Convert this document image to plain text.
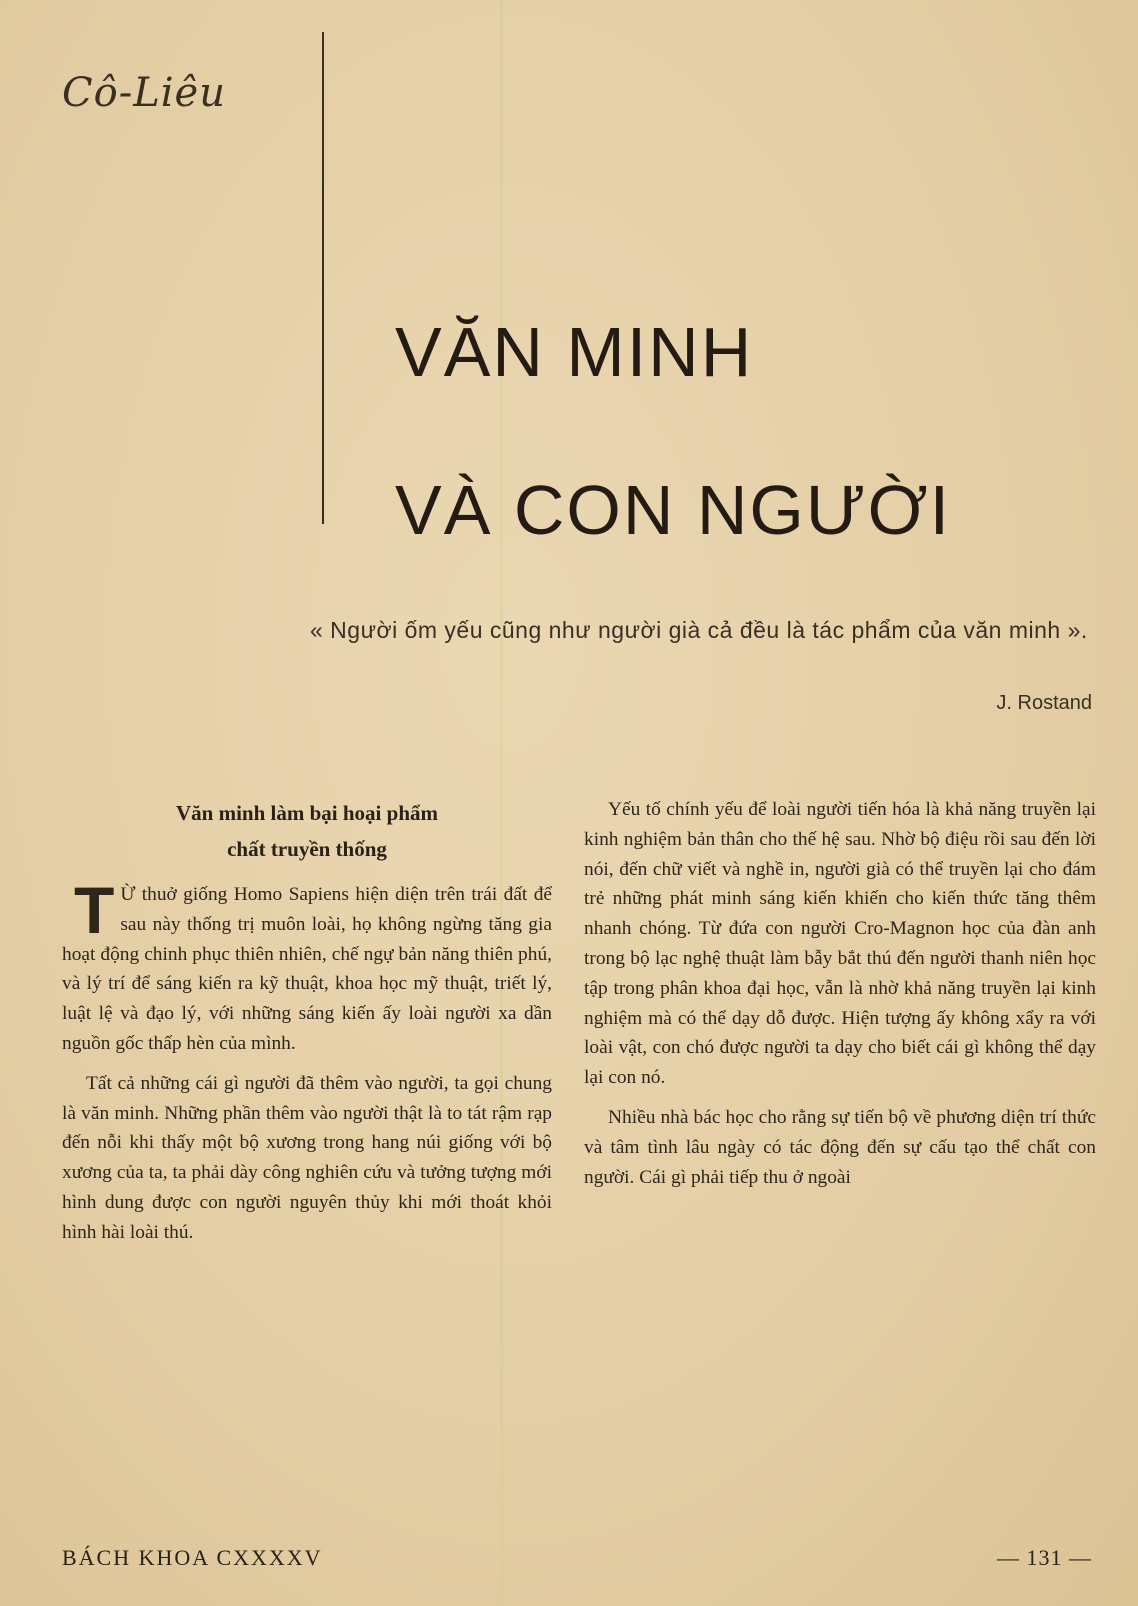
Cô-Liêu
VĂN MINH
VÀ CON NGƯỜI
« Người ốm yếu cũng như người già cả đều là tác phẩm của văn minh ».
J. Rostand
Văn minh làm bại hoại phẩm
chất truyền thống

T Ừ thuở giống Homo Sapiens hiện diện trên trái đất để sau này thống trị muôn loài, họ không ngừng tăng gia hoạt động chinh phục thiên nhiên, chế ngự bản năng thiên phú, và lý trí để sáng kiến ra kỹ thuật, khoa học mỹ thuật, triết lý, luật lệ và đạo lý, với những sáng kiến ấy loài người xa dần nguồn gốc thấp hèn của mình.

Tất cả những cái gì người đã thêm vào người, ta gọi chung là văn minh. Những phần thêm vào người thật là to tát rậm rạp đến nỗi khi thấy một bộ xương trong hang núi giống với bộ xương của ta, ta phải dày công nghiên cứu và tưởng tượng mới hình dung được con người nguyên thủy khi mới thoát khỏi hình hài loài thú.

Yếu tố chính yếu để loài người tiến hóa là khả năng truyền lại kinh nghiệm bản thân cho thế hệ sau. Nhờ bộ điệu rồi sau đến lời nói, đến chữ viết và nghề in, người già có thể truyền lại cho đám trẻ những phát minh sáng kiến khiến cho kiến thức tăng thêm nhanh chóng. Từ đứa con người Cro-Magnon học của đàn anh trong bộ lạc nghệ thuật làm bẫy bắt thú đến người thanh niên học tập trong phân khoa đại học, vẫn là nhờ khả năng truyền lại kinh nghiệm mà có thể dạy dỗ được. Hiện tượng ấy không xẩy ra với loài vật, con chó được người ta dạy cho biết cái gì không thể dạy lại con nó.

Nhiều nhà bác học cho rằng sự tiến bộ về phương diện trí thức và tâm tình lâu ngày có tác động đến sự cấu tạo thể chất con người. Cái gì phải tiếp thu ở ngoài

BÁCH KHOA CXXXXV	— 131 —
